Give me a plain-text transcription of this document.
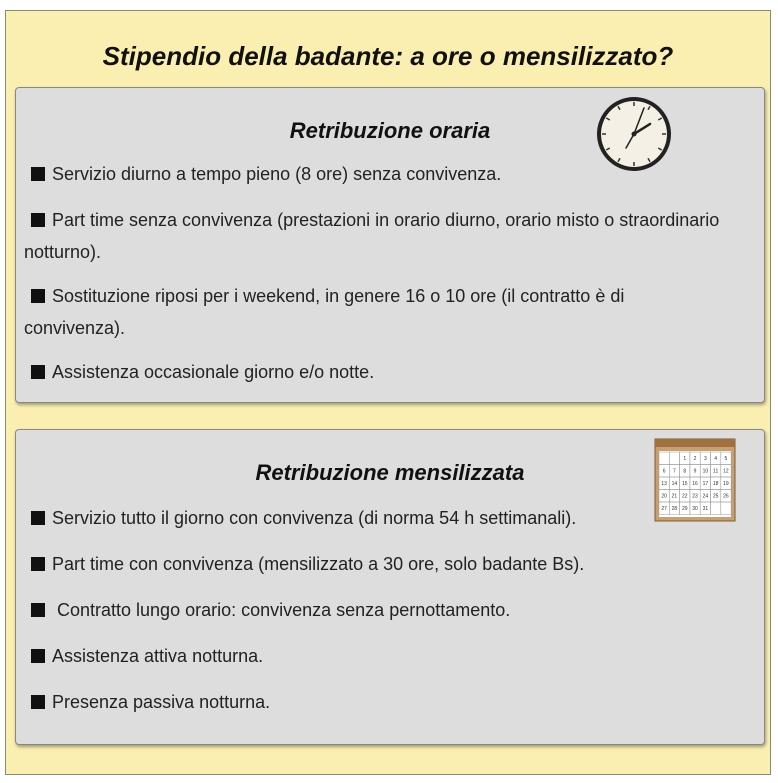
Stipendio della badante: a ore o mensilizzato?
Retribuzione oraria
Servizio diurno a tempo pieno (8 ore) senza convivenza.
Part time senza convivenza (prestazioni in orario diurno, orario misto o straordinario notturno).
Sostituzione riposi per i weekend, in genere 16 o 10 ore (il contratto è di convivenza).
Assistenza occasionale giorno e/o notte.
Retribuzione mensilizzata
1 2 3 4 5
6 7 8 9 10 11 12
13 14 15 16 17 18 19
20 21 22 23 24 25 26
27 28 29 30 31
Servizio tutto il giorno con convivenza (di norma 54 h settimanali).
Part time con convivenza (mensilizzato a 30 ore, solo badante Bs).
Contratto lungo orario: convivenza senza pernottamento.
Assistenza attiva notturna.
Presenza passiva notturna.
